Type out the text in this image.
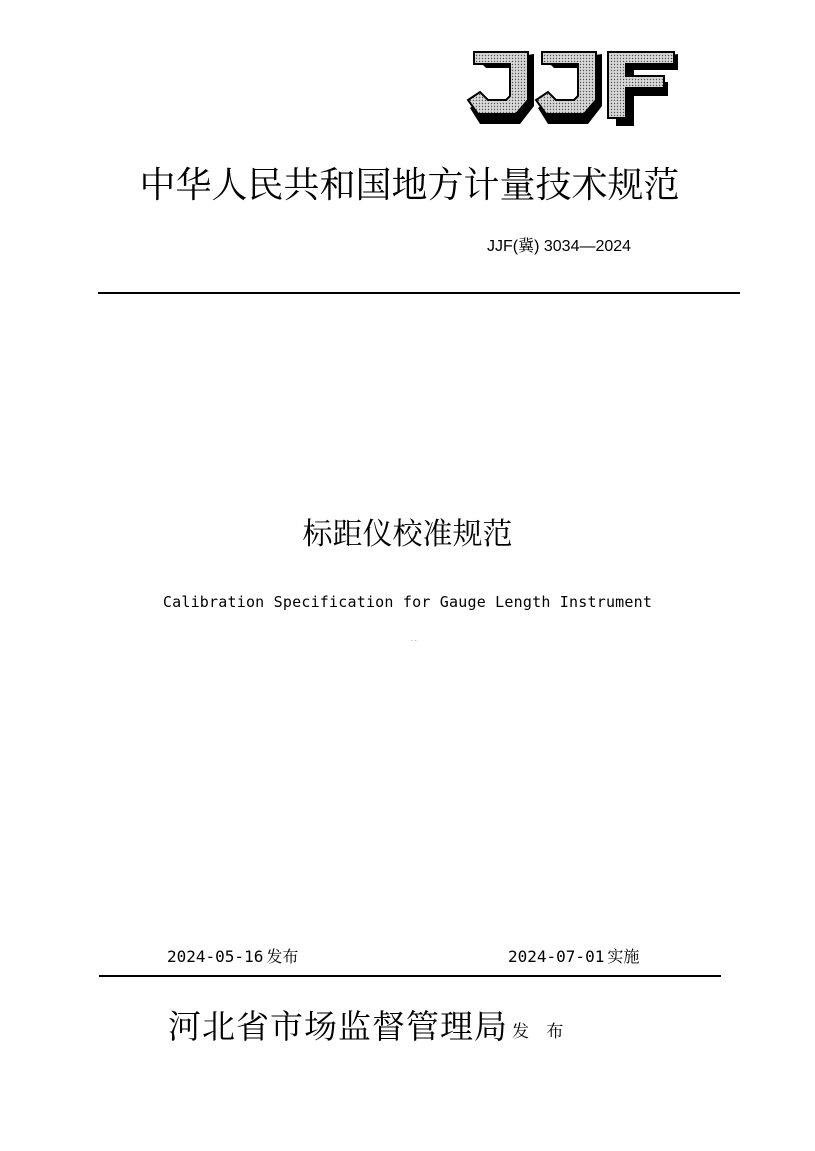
中华人民共和国地方计量技术规范
JJF(冀) 3034—2024
标距仪校准规范
Calibration Specification for Gauge Length Instrument
· ·
2024-05-16 发布	2024-07-01 实施
河北省市场监督管理局 发 布
